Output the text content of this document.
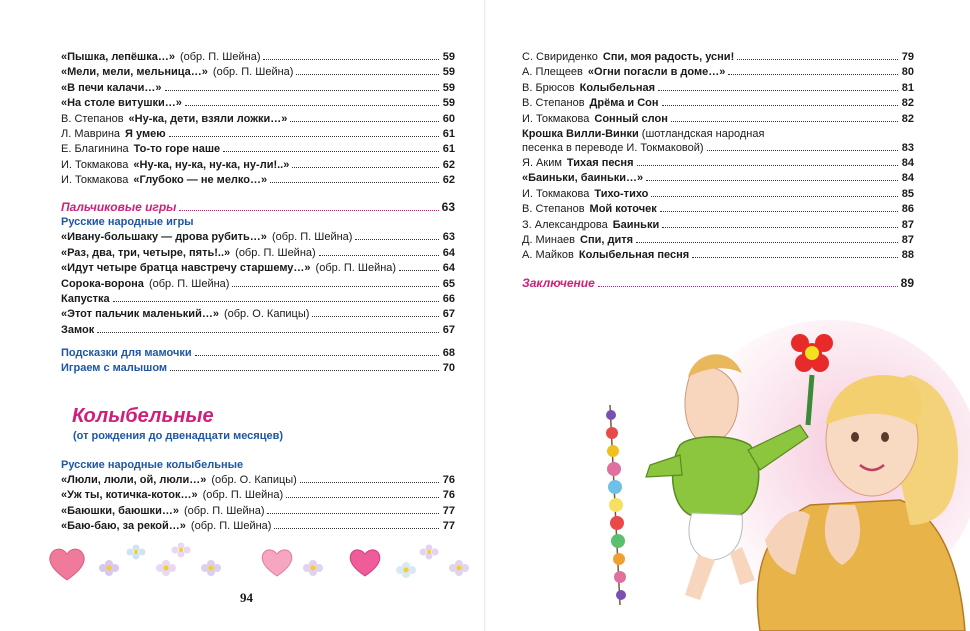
«Пышка, лепёшка…» (обр. П. Шейна)	59
«Мели, мели, мельница…» (обр. П. Шейна)	59
«В печи калачи…»	59
«На столе витушки…»	59
В. Степанов «Ну-ка, дети, взяли ложки…»	60
Л. Маврина Я умею	61
Е. Благинина То-то горе наше	61
И. Токмакова «Ну-ка, ну-ка, ну-ка, ну-ли!..»	62
И. Токмакова «Глубоко — не мелко…»	62
Пальчиковые игры	63
Русские народные игры
«Ивану-большаку — дрова рубить…» (обр. П. Шейна)	63
«Раз, два, три, четыре, пять!..» (обр. П. Шейна)	64
«Идут четыре братца навстречу старшему…» (обр. П. Шейна)	64
Сорока-ворона (обр. П. Шейна)	65
Капустка	66
«Этот пальчик маленький…» (обр. О. Капицы)	67
Замок	67
Подсказки для мамочки	68
Играем с малышом	70
Колыбельные
(от рождения до двенадцати месяцев)
Русские народные колыбельные
«Люли, люли, ой, люли…» (обр. О. Капицы)	76
«Уж ты, котичка-коток…» (обр. П. Шейна)	76
«Баюшки, баюшки…» (обр. П. Шейна)	77
«Баю-баю, за рекой…» (обр. П. Шейна)	77
94
С. Свириденко Спи, моя радость, усни!	79
А. Плещеев «Огни погасли в доме…»	80
В. Брюсов Колыбельная	81
В. Степанов Дрёма и Сон	82
И. Токмакова Сонный слон	82
Крошка Вилли-Винки (шотландская народная
песенка в переводе И. Токмаковой)	83
Я. Аким Тихая песня	84
«Баиньки, баиньки…»	84
И. Токмакова Тихо-тихо	85
В. Степанов Мой коточек	86
З. Александрова Баиньки	87
Д. Минаев Спи, дитя	87
А. Майков Колыбельная песня	88
Заключение	89
